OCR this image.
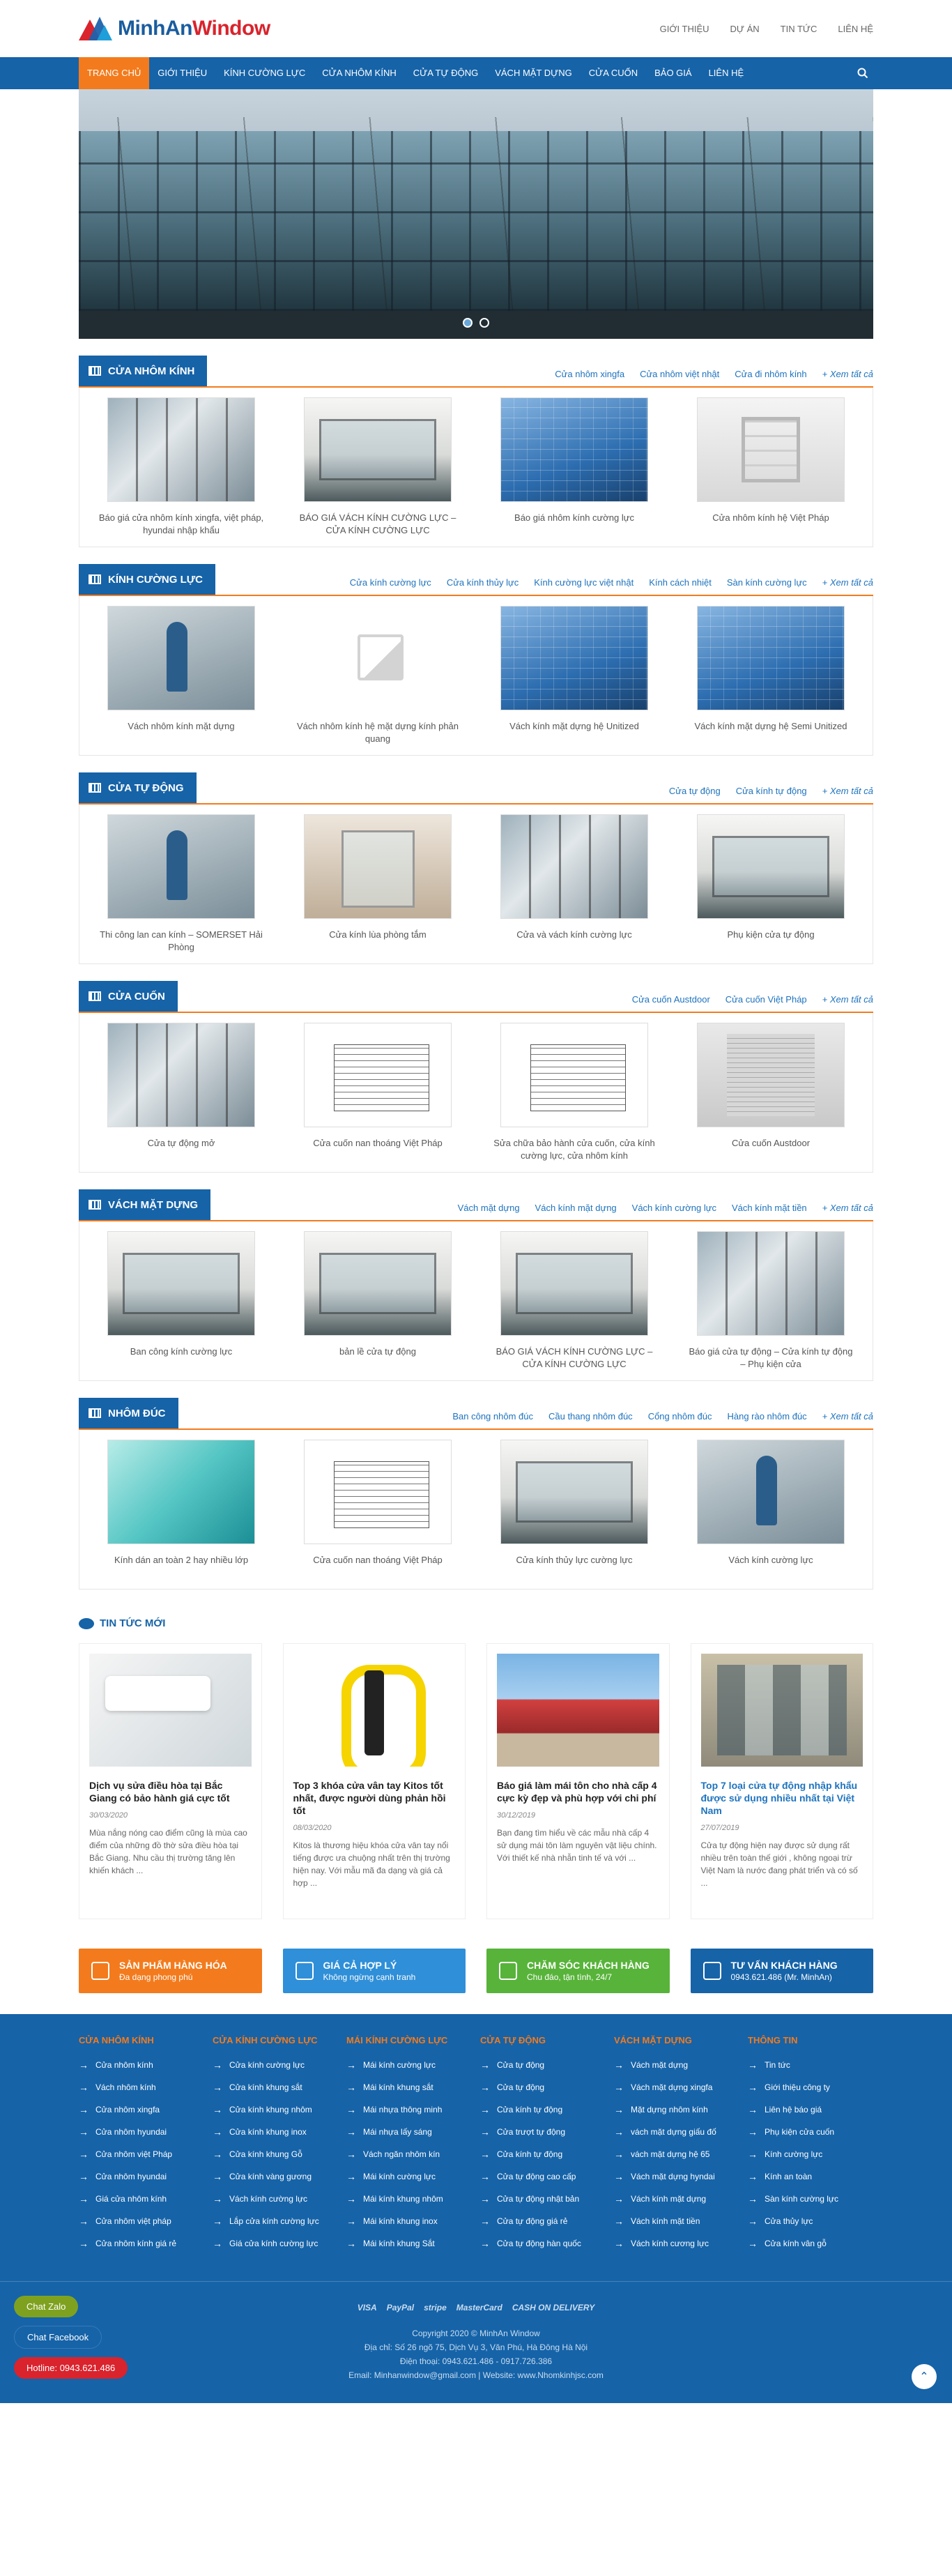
MinhAnWindow	GIỚI THIỆU DỰ ÁN TIN TỨC LIÊN HỆ
TRANG CHỦ	GIỚI THIỆU	KÍNH CƯỜNG LỰC	CỬA NHÔM KÍNH	CỬA TỰ ĐỘNG	VÁCH MẶT DỰNG	CỬA CUỐN	BẢO GIÁ	LIÊN HỆ
CỬA NHÔM KÍNH	Cửa nhôm xingfa Cửa nhôm việt nhật Cửa đi nhôm kính + Xem tất cả
Báo giá cửa nhôm kính xingfa, việt pháp, hyundai nhập khẩu
BÁO GIÁ VÁCH KÍNH CƯỜNG LỰC – CỬA KÍNH CƯỜNG LỰC
Báo giá nhôm kính cường lực	Cửa nhôm kính hệ Việt Pháp
KÍNH CƯỜNG LỰC	Cửa kính cường lực Cửa kính thủy lực Kính cường lực việt nhật Kính cách nhiệt Sàn kính cường lực + Xem tất cả
Vách nhôm kính mặt dựng	Vách nhôm kính hệ mặt dựng kính phản quang
Vách kính mặt dựng hệ Unitized	Vách kính mặt dựng hệ Semi Unitized
CỬA TỰ ĐỘNG	Cửa tự động Cửa kính tự động + Xem tất cả
Thi công lan can kính – SOMERSET Hải Phòng
Cửa kính lùa phòng tắm	Cửa và vách kính cường lực	Phụ kiện cửa tự động
CỬA CUỐN	Cửa cuốn Austdoor Cửa cuốn Việt Pháp + Xem tất cả
Cửa tự động mở	Cửa cuốn nan thoáng Việt Pháp	Sửa chữa bảo hành cửa cuốn, cửa kính cường lực, cửa nhôm kính
Cửa cuốn Austdoor
VÁCH MẶT DỰNG	Vách mặt dựng Vách kính mặt dựng Vách kính cường lực Vách kính mặt tiền + Xem tất cả
Ban công kính cường lực	bản lề cửa tự động	BÁO GIÁ VÁCH KÍNH CƯỜNG LỰC – CỬA KÍNH CƯỜNG LỰC
Báo giá cửa tự động – Cửa kính tự động – Phụ kiện cửa
NHÔM ĐÚC	Ban công nhôm đúc Cầu thang nhôm đúc Cổng nhôm đúc Hàng rào nhôm đúc + Xem tất cả
Kính dán an toàn 2 hay nhiều lớp	Cửa cuốn nan thoáng Việt Pháp	Cửa kính thủy lực cường lực	Vách kính cường lực
TIN TỨC MỚI
Dịch vụ sửa điều hòa tại Bắc Giang có bảo hành giá cực tốt
30/03/2020
Mùa nắng nóng cao điểm cũng là mùa cao điểm của những đồ thờ sửa điều hòa tại Bắc Giang. Nhu cầu thị trường tăng lên khiến khách ...
Top 3 khóa cửa vân tay Kitos tốt nhất, được người dùng phản hồi tốt
08/03/2020
Kitos là thương hiệu khóa cửa vân tay nổi tiếng được ưa chuộng nhất trên thị trường hiện nay. Với mẫu mã đa dạng và giá cả hợp ...
Báo giá làm mái tôn cho nhà cấp 4 cực kỳ đẹp và phù hợp với chi phí
30/12/2019
Bạn đang tìm hiểu về các mẫu nhà cấp 4 sử dụng mái tôn làm nguyên vật liệu chính. Với thiết kế nhà nhẫn tinh tế và với ...
Top 7 loại cửa tự động nhập khẩu được sử dụng nhiều nhất tại Việt Nam
27/07/2019
Cửa tự động hiện nay được sử dụng rất nhiều trên toàn thế giới , không ngoại trừ Việt Nam là nước đang phát triển và có số ...
SẢN PHẨM HÀNG HÓA
Đa dạng phong phú
GIÁ CẢ HỢP LÝ
Không ngừng cạnh tranh
CHĂM SÓC KHÁCH HÀNG
Chu đáo, tận tình, 24/7
TƯ VẤN KHÁCH HÀNG
0943.621.486 (Mr. MinhAn)
CỬA NHÔM KÍNH
→ Cửa nhôm kính
→ Vách nhôm kính
→ Cửa nhôm xingfa
→ Cửa nhôm hyundai
→ Cửa nhôm việt Pháp
→ Cửa nhôm hyundai
→ Giá cửa nhôm kính
→ Cửa nhôm việt pháp
→ Cửa nhôm kính giá rẻ
CỬA KÍNH CƯỜNG LỰC
→ Cửa kính cường lực
→ Cửa kính khung sắt
→ Cửa kính khung nhôm
→ Cửa kính khung inox
→ Cửa kính khung Gỗ
→ Cửa kính vàng gương
→ Vách kính cường lực
→ Lắp cửa kính cường lực
→ Giá cửa kính cường lực
MÁI KÍNH CƯỜNG LỰC
→ Mái kính cường lực
→ Mái kính khung sắt
→ Mái nhựa thông minh
→ Mái nhựa lấy sáng
→ Vách ngăn nhôm kín
→ Mái kính cường lực
→ Mái kính khung nhôm
→ Mái kính khung inox
→ Mái kính khung Sắt
CỬA TỰ ĐỘNG
→ Cửa tự động
→ Cửa tự động
→ Cửa kính tự động
→ Cửa trượt tự động
→ Cửa kính tự động
→ Cửa tự động cao cấp
→ Cửa tự động nhật bản
→ Cửa tự động giá rẻ
→ Cửa tự động hàn quốc
VÁCH MẶT DỰNG
→ Vách mặt dựng
→ Vách mặt dựng xingfa
→ Mặt dựng nhôm kính
→ vách mặt dựng giấu đố
→ vách mặt dựng hệ 65
→ Vách mặt dựng hyndai
→ Vách kính mặt dựng
→ Vách kính mặt tiền
→ Vách kính cương lực
THÔNG TIN
→ Tin tức
→ Giới thiệu công ty
→ Liên hệ báo giá
→ Phụ kiện cửa cuốn
→ Kính cường lực
→ Kính an toàn
→ Sàn kính cường lực
→ Cửa thủy lực
→ Cửa kính vân gỗ
VISA PayPal stripe MasterCard CASH ON DELIVERY
Copyright 2020 © MinhAn Window
Địa chỉ: Số 26 ngõ 75, Dịch Vụ 3, Văn Phú, Hà Đông Hà Nội
Điện thoại: 0943.621.486 - 0917.726.386
Email: Minhanwindow@gmail.com | Website: www.Nhomkinhjsc.com
Chat Zalo
Chat Facebook
Hotline: 0943.621.486
⌃
